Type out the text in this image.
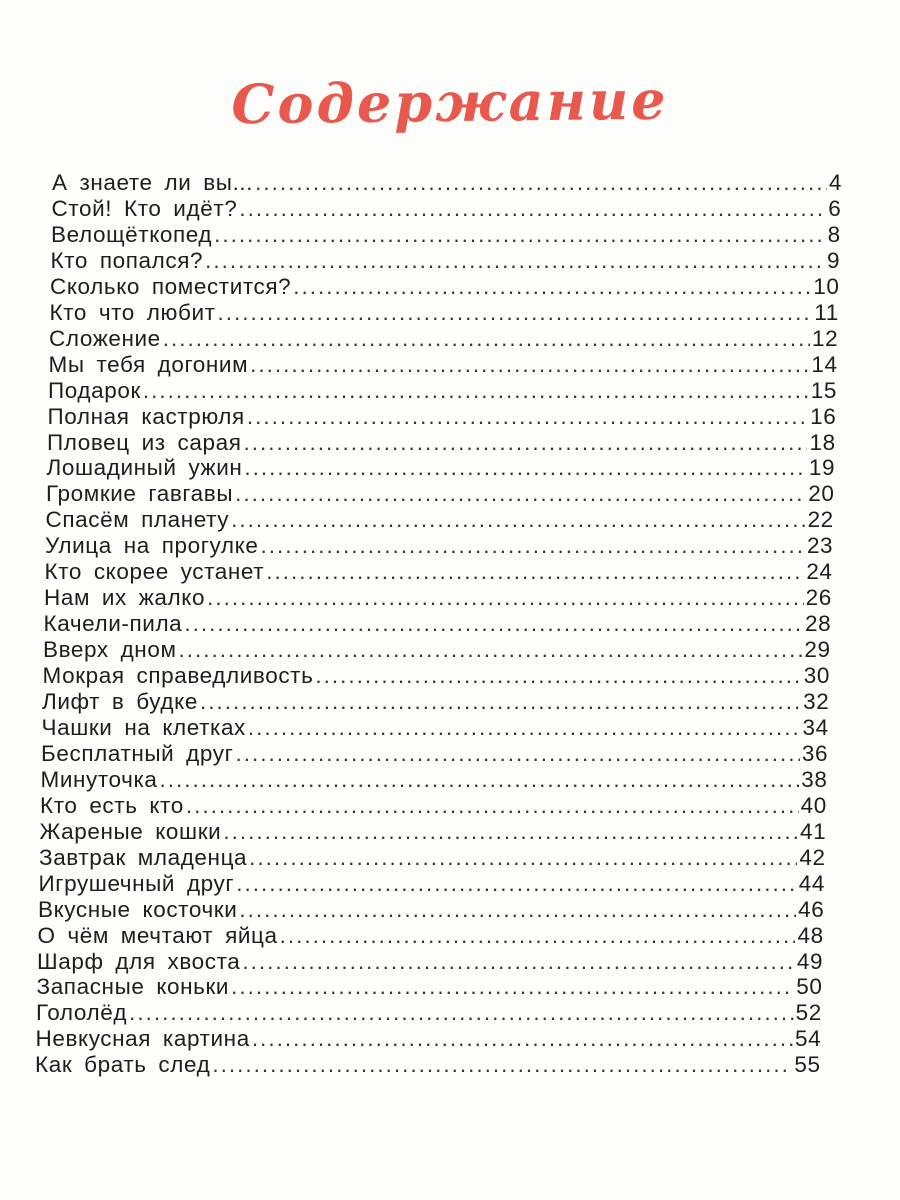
Содержание
А знаете ли вы... .....	4
Стой! Кто идёт? .....	6
Велощёткопед .....	8
Кто попался? .....	9
Сколько поместится? .....	10
Кто что любит .....	11
Сложение .....	12
Мы тебя догоним .....	14
Подарок .....	15
Полная кастрюля .....	16
Пловец из сарая .....	18
Лошадиный ужин .....	19
Громкие гавгавы .....	20
Спасём планету .....	22
Улица на прогулке .....	23
Кто скорее устанет .....	24
Нам их жалко .....	26
Качели-пила .....	28
Вверх дном .....	29
Мокрая справедливость .....	30
Лифт в будке .....	32
Чашки на клетках .....	34
Бесплатный друг .....	36
Минуточка .....	38
Кто есть кто .....	40
Жареные кошки .....	41
Завтрак младенца .....	42
Игрушечный друг .....	44
Вкусные косточки .....	46
О чём мечтают яйца .....	48
Шарф для хвоста .....	49
Запасные коньки .....	50
Гололёд .....	52
Невкусная картина .....	54
Как брать след .....	55
